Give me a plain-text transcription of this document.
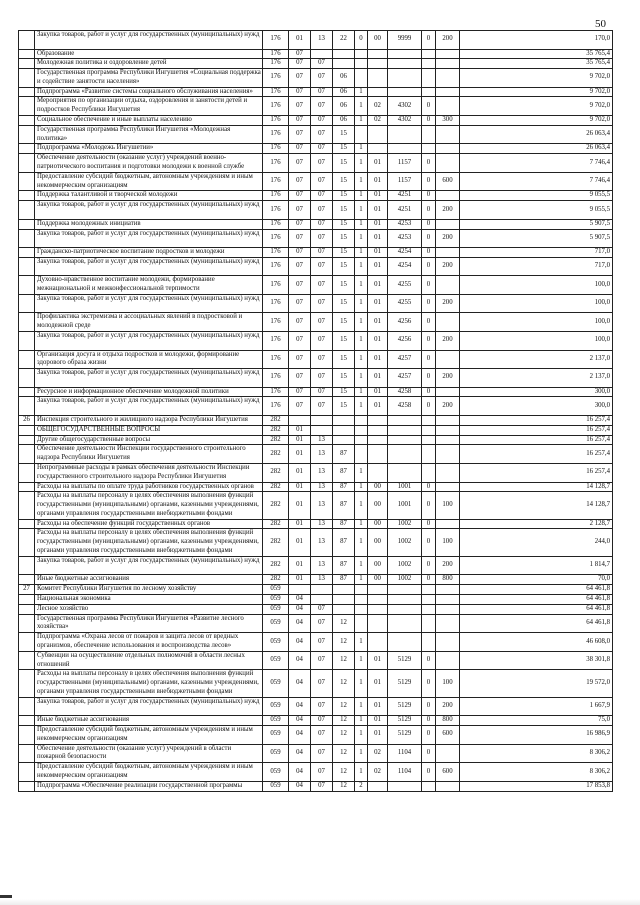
50
	Закупка товаров, работ и услуг для государственных (муниципальных) нужд	176	01	13	22	0	00	9999	0	200	170,0
	Образование	176	07								35 765,4
	Молодежная политика и оздоровление детей	176	07	07							35 765,4
	Государственная программа Республики Ингушетия «Социальная поддержка и содействие занятости населения»	176	07	07	06						9 702,0
	Подпрограмма «Развитие системы социального обслуживания населения»	176	07	07	06	1					9 702,0
	Мероприятия по организации отдыха, оздоровления и занятости детей и подростков Республики Ингушетия	176	07	07	06	1	02	4302	0		9 702,0
	Социальное обеспечение и иные выплаты населению	176	07	07	06	1	02	4302	0	300	9 702,0
	Государственная программа Республики Ингушетия «Молодежная политика»	176	07	07	15						26 063,4
	Подпрограмма «Молодежь Ингушетии»	176	07	07	15	1					26 063,4
	Обеспечение деятельности (оказание услуг) учреждений военно-патриотического воспитания и подготовки молодежи к военной службе	176	07	07	15	1	01	1157	0		7 746,4
	Предоставление субсидий бюджетным, автономным учреждениям и иным некоммерческим организациям	176	07	07	15	1	01	1157	0	600	7 746,4
	Поддержка талантливой и творческой молодежи	176	07	07	15	1	01	4251	0		9 055,5
	Закупка товаров, работ и услуг для государственных (муниципальных) нужд	176	07	07	15	1	01	4251	0	200	9 055,5
	Поддержка молодежных инициатив	176	07	07	15	1	01	4253	0		5 907,5
	Закупка товаров, работ и услуг для государственных (муниципальных) нужд	176	07	07	15	1	01	4253	0	200	5 907,5
	Гражданско-патриотическое воспитание подростков и молодежи	176	07	07	15	1	01	4254	0		717,0
	Закупка товаров, работ и услуг для государственных (муниципальных) нужд	176	07	07	15	1	01	4254	0	200	717,0
	Духовно-нравственное воспитание молодежи, формирование межнациональной и межконфессиональной терпимости	176	07	07	15	1	01	4255	0		100,0
	Закупка товаров, работ и услуг для государственных (муниципальных) нужд	176	07	07	15	1	01	4255	0	200	100,0
	Профилактика экстремизма и ассоциальных явлений в подростковой и молодежной среде	176	07	07	15	1	01	4256	0		100,0
	Закупка товаров, работ и услуг для государственных (муниципальных) нужд	176	07	07	15	1	01	4256	0	200	100,0
	Организация досуга и отдыха подростков и молодежи, формирование здорового образа жизни	176	07	07	15	1	01	4257	0		2 137,0
	Закупка товаров, работ и услуг для государственных (муниципальных) нужд	176	07	07	15	1	01	4257	0	200	2 137,0
	Ресурсное и информационное обеспечение молодежной политики	176	07	07	15	1	01	4258	0		300,0
	Закупка товаров, работ и услуг для государственных (муниципальных) нужд	176	07	07	15	1	01	4258	0	200	300,0
26	Инспекция строительного и жилищного надзора Республики Ингушетия	282									16 257,4
	ОБЩЕГОСУДАРСТВЕННЫЕ ВОПРОСЫ	282	01								16 257,4
	Другие общегосударственные вопросы	282	01	13							16 257,4
	Обеспечение деятельности Инспекции государственного строительного надзора Республики Ингушетия	282	01	13	87						16 257,4
	Непрограммные расходы в рамках обеспечения деятельности Инспекции государственного строительного надзора Республики Ингушетия	282	01	13	87	1					16 257,4
	Расходы на выплаты по оплате труда работников государственных органов	282	01	13	87	1	00	1001	0		14 128,7
	Расходы на выплаты персоналу в целях обеспечения выполнения функций государственными (муниципальными) органами, казенными учреждениями, органами управления государственными внебюджетными фондами	282	01	13	87	1	00	1001	0	100	14 128,7
	Расходы на обеспечение функций государственных органов	282	01	13	87	1	00	1002	0		2 128,7
	Расходы на выплаты персоналу в целях обеспечения выполнения функций государственными (муниципальными) органами, казенными учреждениями, органами управления государственными внебюджетными фондами	282	01	13	87	1	00	1002	0	100	244,0
	Закупка товаров, работ и услуг для государственных (муниципальных) нужд	282	01	13	87	1	00	1002	0	200	1 814,7
	Иные бюджетные ассигнования	282	01	13	87	1	00	1002	0	800	70,0
27	Комитет Республики Ингушетия по лесному хозяйству	059									64 461,8
	Национальная экономика	059	04								64 461,8
	Лесное хозяйство	059	04	07							64 461,8
	Государственная программа Республики Ингушетия «Развитие лесного хозяйства»	059	04	07	12						64 461,8
	Подпрограмма «Охрана лесов от пожаров и защита лесов от вредных организмов, обеспечение использования и воспроизводства лесов»	059	04	07	12	1					46 608,0
	Субвенции на осуществление отдельных полномочий в области лесных отношений	059	04	07	12	1	01	5129	0		38 301,8
	Расходы на выплаты персоналу в целях обеспечения выполнения функций государственными (муниципальными) органами, казенными учреждениями, органами управления государственными внебюджетными фондами	059	04	07	12	1	01	5129	0	100	19 572,0
	Закупка товаров, работ и услуг для государственных (муниципальных) нужд	059	04	07	12	1	01	5129	0	200	1 667,9
	Иные бюджетные ассигнования	059	04	07	12	1	01	5129	0	800	75,0
	Предоставление субсидий бюджетным, автономным учреждениям и иным некоммерческим организациям	059	04	07	12	1	01	5129	0	600	16 986,9
	Обеспечение деятельности (оказание услуг) учреждений в области пожарной безопасности	059	04	07	12	1	02	1104	0		8 306,2
	Предоставление субсидий бюджетным, автономным учреждениям и иным некоммерческим организациям	059	04	07	12	1	02	1104	0	600	8 306,2
	Подпрограмма «Обеспечение реализации государственной программы	059	04	07	12	2					17 853,8
